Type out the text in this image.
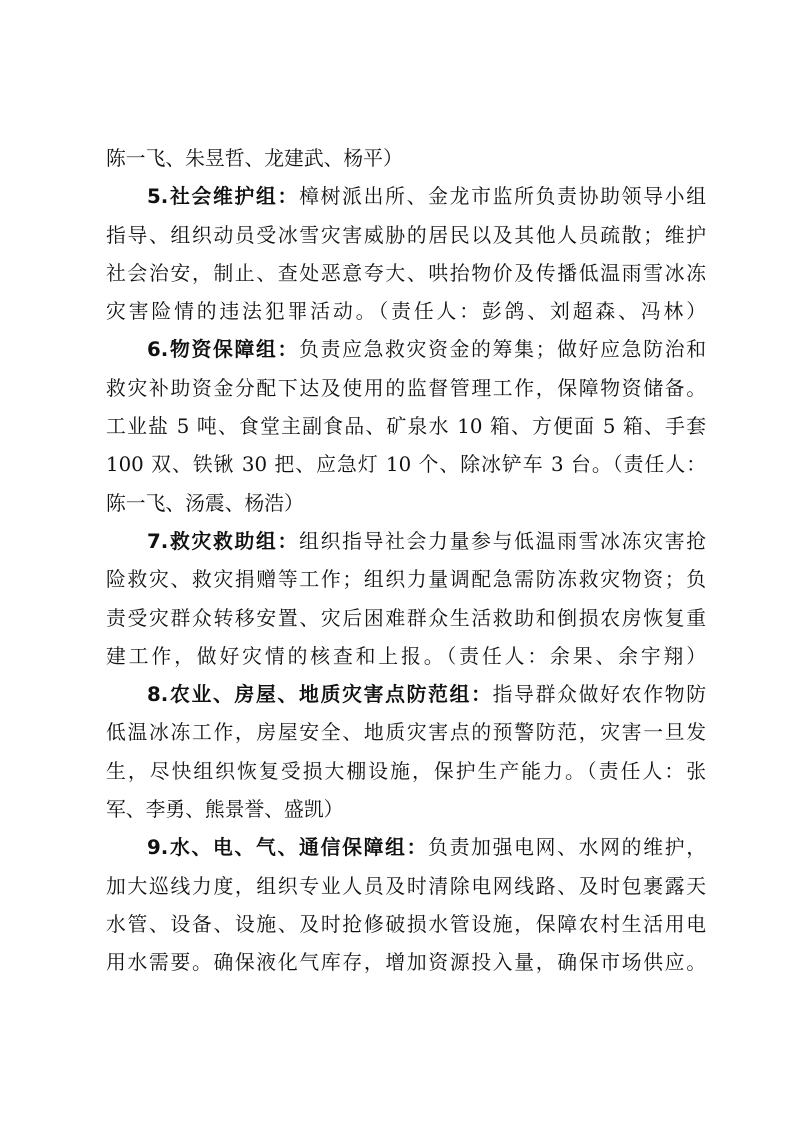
陈一飞、朱昱哲、龙建武、杨平）
5.社会维护组：樟树派出所、金龙市监所负责协助领导小组
指导、组织动员受冰雪灾害威胁的居民以及其他人员疏散；维护
社会治安，制止、查处恶意夸大、哄抬物价及传播低温雨雪冰冻
灾害险情的违法犯罪活动。（责任人：彭鸽、刘超森、冯林）
6.物资保障组：负责应急救灾资金的筹集；做好应急防治和
救灾补助资金分配下达及使用的监督管理工作，保障物资储备。
工业盐 5 吨、食堂主副食品、矿泉水 10 箱、方便面 5 箱、手套
100 双、铁锹 30 把、应急灯 10 个、除冰铲车 3 台。（责任人：
陈一飞、汤震、杨浩）
7.救灾救助组：组织指导社会力量参与低温雨雪冰冻灾害抢
险救灾、救灾捐赠等工作；组织力量调配急需防冻救灾物资；负
责受灾群众转移安置、灾后困难群众生活救助和倒损农房恢复重
建工作，做好灾情的核查和上报。（责任人：余果、余宇翔）
8.农业、房屋、地质灾害点防范组：指导群众做好农作物防
低温冰冻工作，房屋安全、地质灾害点的预警防范，灾害一旦发
生，尽快组织恢复受损大棚设施，保护生产能力。（责任人：张
军、李勇、熊景誉、盛凯）
9.水、电、气、通信保障组：负责加强电网、水网的维护，
加大巡线力度，组织专业人员及时清除电网线路、及时包裹露天
水管、设备、设施、及时抢修破损水管设施，保障农村生活用电
用水需要。确保液化气库存，增加资源投入量，确保市场供应。
